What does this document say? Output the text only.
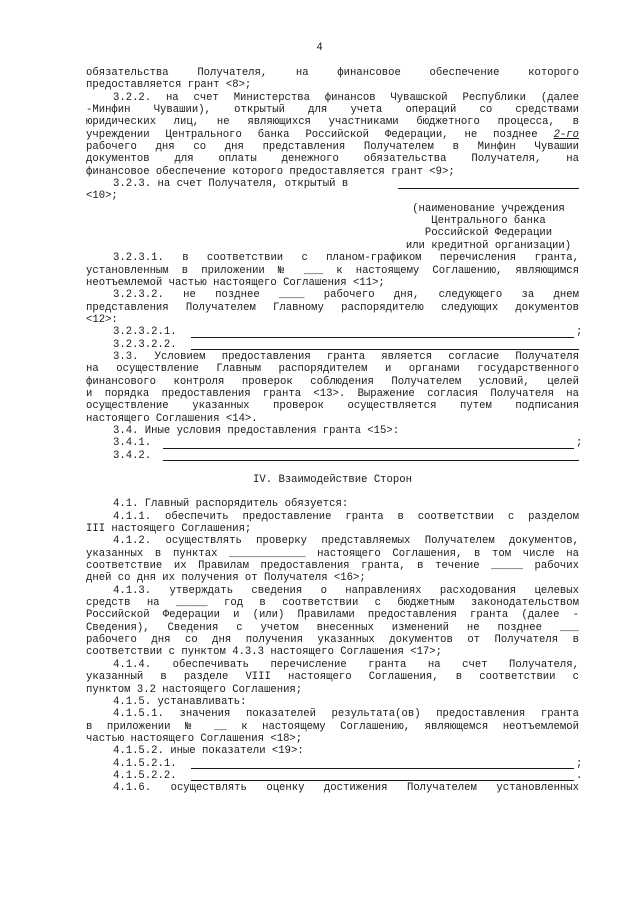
4
обязательства Получателя, на финансовое обеспечение которого
предоставляется грант <8>;
3.2.2. на счет Министерства финансов Чувашской Республики (далее
-Минфин Чувашии), открытый для учета операций со средствами
юридических лиц, не являющихся участниками бюджетного процесса, в
учреждении Центрального банка Российской Федерации, не позднее 2-го
рабочего дня со дня представления Получателем в Минфин Чувашии
документов для оплаты денежного обязательства Получателя, на
финансовое обеспечение которого предоставляется грант <9>;
3.2.3. на счет Получателя, открытый в
<10>;
(наименование учреждения
Центрального банка
Российской Федерации
или кредитной организации)
3.2.3.1. в соответствии с планом-графиком перечисления гранта,
установленным в приложении № ___ к настоящему Соглашению, являющимся
неотъемлемой частью настоящего Соглашения <11>;
3.2.3.2. не позднее ____ рабочего дня, следующего за днем
представления Получателем Главному распорядителю следующих документов
<12>:
3.2.3.2.1.	;
3.2.3.2.2.
3.3. Условием предоставления гранта является согласие Получателя
на осуществление Главным распорядителем и органами государственного
финансового контроля проверок соблюдения Получателем условий, целей
и порядка предоставления гранта <13>. Выражение согласия Получателя на
осуществление указанных проверок осуществляется путем подписания
настоящего Соглашения <14>.
3.4. Иные условия предоставления гранта <15>:
3.4.1.	;
3.4.2.
IV. Взаимодействие Сторон
4.1. Главный распорядитель обязуется:
4.1.1. обеспечить предоставление гранта в соответствии с разделом
III настоящего Соглашения;
4.1.2. осуществлять проверку представляемых Получателем документов,
указанных в пунктах ____________ настоящего Соглашения, в том числе на
соответствие их Правилам предоставления гранта, в течение _____ рабочих
дней со дня их получения от Получателя <16>;
4.1.3. утверждать сведения о направлениях расходования целевых
средств на _____ год в соответствии с бюджетным законодательством
Российской Федерации и (или) Правилами предоставления гранта (далее -
Сведения), Сведения с учетом внесенных изменений не позднее ___
рабочего дня со дня получения указанных документов от Получателя в
соответствии с пунктом 4.3.3 настоящего Соглашения <17>;
4.1.4. обеспечивать перечисление гранта на счет Получателя,
указанный в разделе VIII настоящего Соглашения, в соответствии с
пунктом 3.2 настоящего Соглашения;
4.1.5. устанавливать:
4.1.5.1. значения показателей результата(ов) предоставления гранта
в приложении № __ к настоящему Соглашению, являющемся неотъемлемой
частью настоящего Соглашения <18>;
4.1.5.2. иные показатели <19>:
4.1.5.2.1.	;
4.1.5.2.2.	.
4.1.6. осуществлять оценку достижения Получателем установленных
